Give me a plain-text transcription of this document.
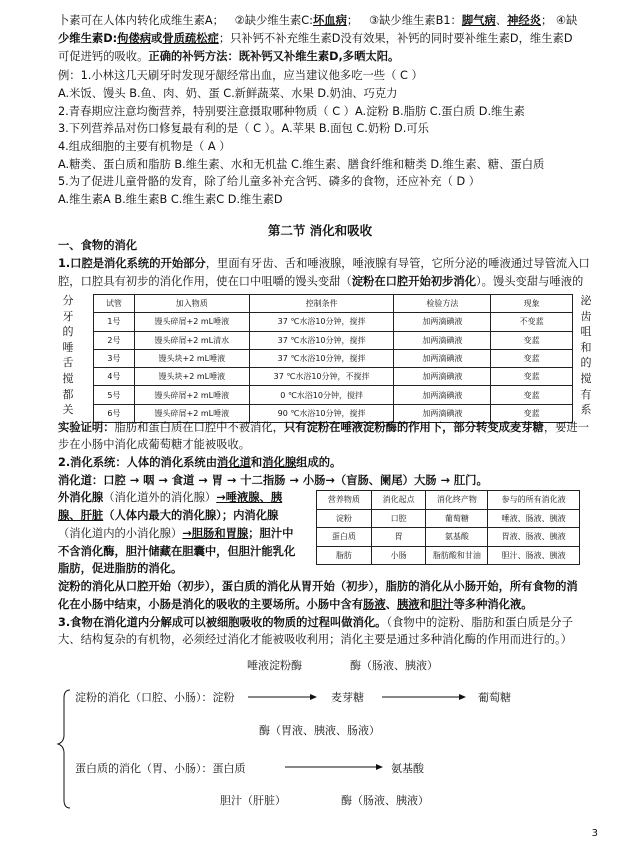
卜素可在人体内转化成维生素A； ②缺少维生素C:坏血病； ③缺少维生素B1：脚气病、神经炎； ④缺
少维生素D:佝偻病或骨质疏松症；只补钙不补充维生素D没有效果，补钙的同时要补维生素D，维生素D
可促进钙的吸收。正确的补钙方法：既补钙又补维生素D,多晒太阳。
例：1.小林这几天刷牙时发现牙龈经常出血，应当建议他多吃一些（ C ）
A.米饭、馒头 B.鱼、肉、奶、蛋 C.新鲜蔬菜、水果 D.奶油、巧克力
2.青春期应注意均衡营养，特别要注意摄取哪种物质（ C ）A.淀粉 B.脂肪 C.蛋白质 D.维生素
3.下列营养品对伤口修复最有利的是（ C ）。A.苹果 B.面包 C.奶粉 D.可乐
4.组成细胞的主要有机物是（ A ）
A.糖类、蛋白质和脂肪 B.维生素、水和无机盐 C.维生素、膳食纤维和糖类 D.维生素、糖、蛋白质
5.为了促进儿童骨骼的发育，除了给儿童多补充含钙、磷多的食物，还应补充（ D ）
A.维生素A B.维生素B C.维生素C D.维生素D
第二节 消化和吸收
一、食物的消化
1.口腔是消化系统的开始部分，里面有牙齿、舌和唾液腺，唾液腺有导管，它所分泌的唾液通过导管流入口
腔，口腔具有初步的消化作用，使在口中咀嚼的馒头变甜（淀粉在口腔开始初步消化）。馒头变甜与唾液的
分牙的唾舌搅都关
泌齿咀和的搅有系
试管	加入物质	控制条件	检验方法	现象
1号	馒头碎屑+2 mL唾液	37 ℃水浴10分钟，搅拌	加两滴碘液	不变蓝
2号	馒头碎屑+2 mL清水	37 ℃水浴10分钟，搅拌	加两滴碘液	变蓝
3号	馒头块+2 mL唾液	37 ℃水浴10分钟，搅拌	加两滴碘液	变蓝
4号	馒头块+2 mL唾液	37 ℃水浴10分钟，不搅拌	加两滴碘液	变蓝
5号	馒头碎屑+2 mL唾液	0 ℃水浴10分钟，搅拌	加两滴碘液	变蓝
6号	馒头碎屑+2 mL唾液	90 ℃水浴10分钟，搅拌	加两滴碘液	变蓝
实验证明：脂肪和蛋白质在口腔中不被消化，只有淀粉在唾液淀粉酶的作用下，部分转变成麦芽糖，要进一
步在小肠中消化成葡萄糖才能被吸收。
2.消化系统：人体的消化系统由消化道和消化腺组成的。
消化道：口腔 → 咽 → 食道 → 胃 → 十二指肠 → 小肠→（盲肠、阑尾）大肠 → 肛门。
外消化腺（消化道外的消化腺）→唾液腺、胰
腺、肝脏（人体内最大的消化腺）；内消化腺
（消化道内的小消化腺）→胆肠和胃腺；胆汁中
不含消化酶，胆汁储藏在胆囊中，但胆汁能乳化
脂肪，促进脂肪的消化。
营养物质	消化起点	消化终产物	参与的所有消化液
淀粉	口腔	葡萄糖	唾液、肠液、胰液
蛋白质	胃	氨基酸	胃液、肠液、胰液
脂肪	小肠	脂肪酸和甘油	胆汁、肠液、胰液
淀粉的消化从口腔开始（初步），蛋白质的消化从胃开始（初步），脂肪的消化从小肠开始，所有食物的消
化在小肠中结束，小肠是消化的吸收的主要场所。小肠中含有肠液、胰液和胆汁等多种消化液。
3.食物在消化道内分解成可以被细胞吸收的物质的过程叫做消化。（食物中的淀粉、脂肪和蛋白质是分子
大、结构复杂的有机物，必须经过消化才能被吸收利用；消化主要是通过多种消化酶的作用而进行的。）
唾液淀粉酶	酶（肠液、胰液）
淀粉的消化（口腔、小肠）：淀粉	麦芽糖	葡萄糖
酶（胃液、胰液、肠液）
蛋白质的消化（胃、小肠）：蛋白质	氨基酸
胆汁（肝脏）	酶（肠液、胰液）
3
